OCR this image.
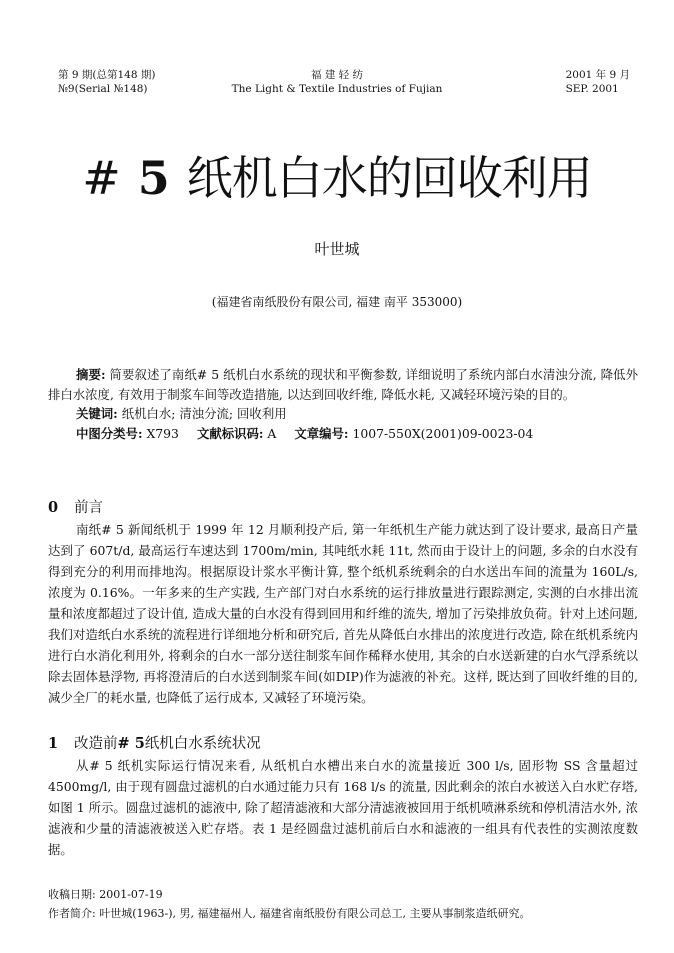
第 9 期(总第148 期)
№9(Serial №148)
福 建 轻 纺
The Light & Textile Industries of Fujian
2001 年 9 月
SEP. 2001
# 5 纸机白水的回收利用
叶世城
(福建省南纸股份有限公司, 福建 南平 353000)

摘要: 简要叙述了南纸# 5 纸机白水系统的现状和平衡参数, 详细说明了系统内部白水清浊分流, 降低外排白水浓度, 有效用于制浆车间等改造措施, 以达到回收纤维, 降低水耗, 又减轻环境污染的目的。

关键词: 纸机白水; 清浊分流; 回收利用

中图分类号: X793 文献标识码: A 文章编号: 1007-550X(2001)09-0023-04

0 前言

南纸# 5 新闻纸机于 1999 年 12 月顺利投产后, 第一年纸机生产能力就达到了设计要求, 最高日产量达到了 607t/d, 最高运行车速达到 1700m/min, 其吨纸水耗 11t, 然而由于设计上的问题, 多余的白水没有得到充分的利用而排地沟。根据原设计浆水平衡计算, 整个纸机系统剩余的白水送出车间的流量为 160L/s, 浓度为 0.16%。一年多来的生产实践, 生产部门对白水系统的运行排放量进行跟踪测定, 实测的白水排出流量和浓度都超过了设计值, 造成大量的白水没有得到回用和纤维的流失, 增加了污染排放负荷。针对上述问题, 我们对造纸白水系统的流程进行详细地分析和研究后, 首先从降低白水排出的浓度进行改造, 除在纸机系统内进行白水消化利用外, 将剩余的白水一部分送往制浆车间作稀释水使用, 其余的白水送新建的白水气浮系统以除去固体悬浮物, 再将澄清后的白水送到制浆车间(如DIP)作为滤液的补充。这样, 既达到了回收纤维的目的, 减少全厂的耗水量, 也降低了运行成本, 又减轻了环境污染。

1 改造前# 5纸机白水系统状况

从# 5 纸机实际运行情况来看, 从纸机白水槽出来白水的流量接近 300 l/s, 固形物 SS 含量超过 4500mg/l, 由于现有圆盘过滤机的白水通过能力只有 168 l/s 的流量, 因此剩余的浓白水被送入白水贮存塔, 如图 1 所示。圆盘过滤机的滤液中, 除了超清滤液和大部分清滤液被回用于纸机喷淋系统和停机清洁水外, 浓滤液和少量的清滤液被送入贮存塔。表 1 是经圆盘过滤机前后白水和滤液的一组具有代表性的实测浓度数据。

收稿日期: 2001-07-19
作者简介: 叶世城(1963-), 男, 福建福州人, 福建省南纸股份有限公司总工, 主要从事制浆造纸研究。
